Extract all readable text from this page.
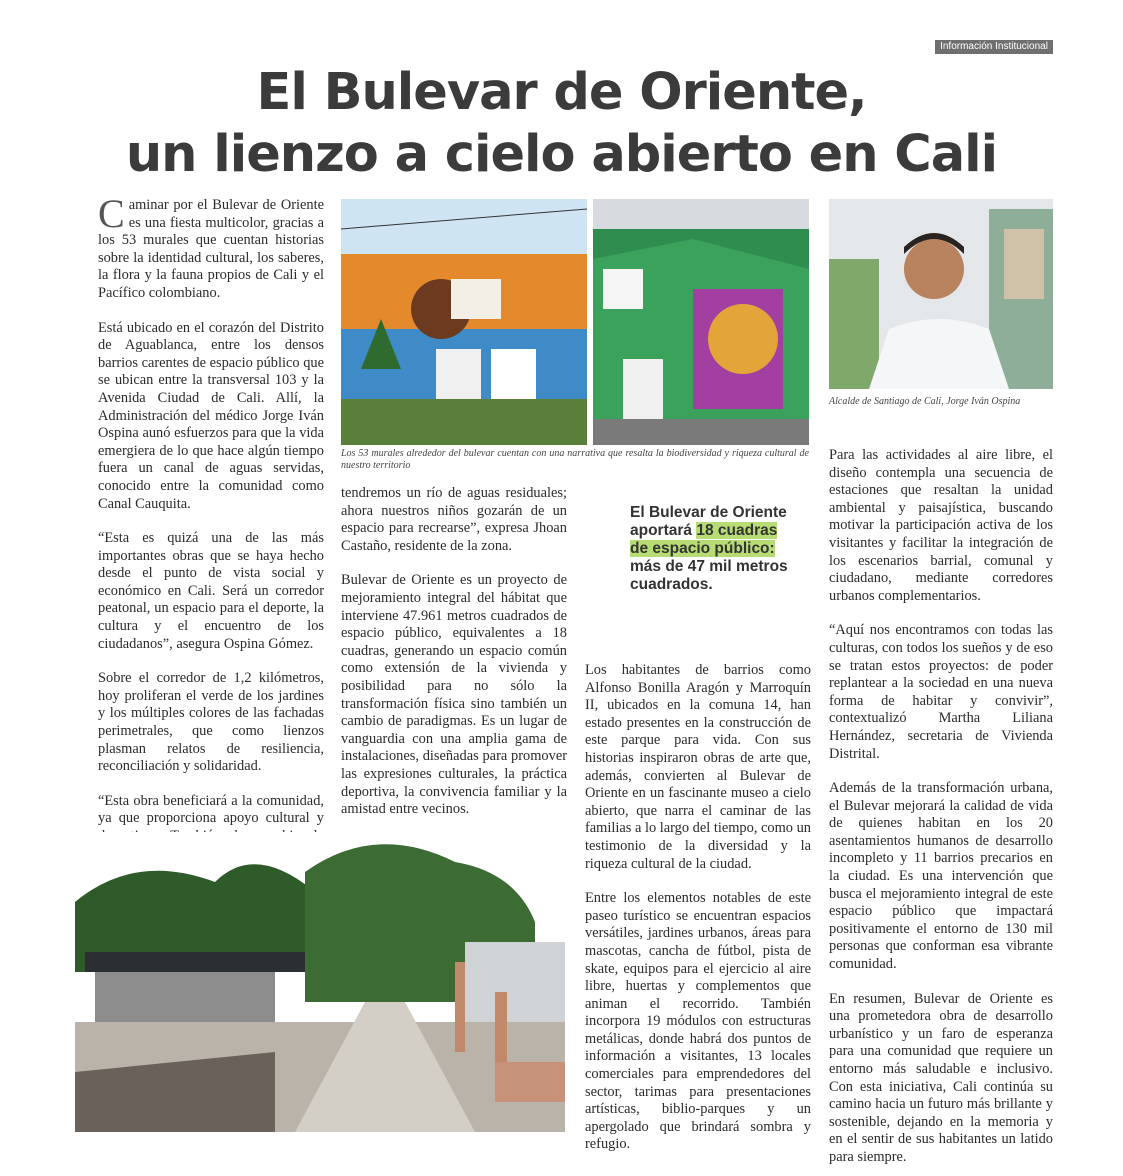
Información Institucional
El Bulevar de Oriente,
un lienzo a cielo abierto en Cali

Caminar por el Bulevar de Oriente es una fiesta multicolor, gracias a los 53 murales que cuentan historias sobre la identidad cultural, los saberes, la flora y la fauna propios de Cali y el Pacífico colombiano.

Está ubicado en el corazón del Distrito de Aguablanca, entre los densos barrios carentes de espacio público que se ubican entre la transversal 103 y la Avenida Ciudad de Cali. Allí, la Administración del médico Jorge Iván Ospina aunó esfuerzos para que la vida emergiera de lo que hace algún tiempo fuera un canal de aguas servidas, conocido entre la comunidad como Canal Cauquita.

“Esta es quizá una de las más importantes obras que se haya hecho desde el punto de vista social y económico en Cali. Será un corredor peatonal, un espacio para el deporte, la cultura y el encuentro de los ciudadanos”, asegura Ospina Gómez.

Sobre el corredor de 1,2 kilómetros, hoy proliferan el verde de los jardines y los múltiples colores de las fachadas perimetrales, que como lienzos plasman relatos de resiliencia, reconciliación y solidaridad.

“Esta obra beneficiará a la comunidad, ya que proporciona apoyo cultural y

Los 53 murales alrededor del bulevar cuentan con una narrativa que resalta la biodiversidad y riqueza cultural de nuestro territorio
Alcalde de Santiago de Cali, Jorge Iván Ospina

tendremos un río de aguas residuales; ahora nuestros niños gozarán de un espacio para recrearse”, expresa Jhoan Castaño, residente de la zona.

Bulevar de Oriente es un proyecto de mejoramiento integral del hábitat que interviene 47.961 metros cuadrados de espacio público, equivalentes a 18 cuadras, generando un espacio común como extensión de la vivienda y posibilidad para no sólo la transformación física sino también un cambio de paradigmas. Es un lugar de vanguardia con una amplia gama de instalaciones, diseñadas para promover las expresiones culturales, la práctica deportiva, la convivencia familiar y la amistad entre vecinos.

El Bulevar de Oriente aportará 18 cuadras de espacio público: más de 47 mil metros cuadrados.

Los habitantes de barrios como Alfonso Bonilla Aragón y Marroquín II, ubicados en la comuna 14, han estado presentes en la construcción de este parque para vida. Con sus historias inspiraron obras de arte que, además, convierten al Bulevar de Oriente en un fascinante museo a cielo abierto, que narra el caminar de las familias a lo largo del tiempo, como un testimonio de la diversidad y la riqueza cultural de la ciudad.

Entre los elementos notables de este paseo turístico se encuentran espacios versátiles, jardines urbanos, áreas para mascotas, cancha de fútbol, pista de skate, equipos para el ejercicio al aire libre, huertas y complementos que animan el recorrido. También incorpora 19 módulos con estructuras metálicas, donde habrá dos puntos de información a visitantes, 13 locales comerciales para emprendedores del sector, tarimas para presentaciones artísticas, biblio-parques y un apergolado que brindará sombra y refugio.

Para las actividades al aire libre, el diseño contempla una secuencia de estaciones que resaltan la unidad ambiental y paisajística, buscando motivar la participación activa de los visitantes y facilitar la integración de los escenarios barrial, comunal y ciudadano, mediante corredores urbanos complementarios.

“Aquí nos encontramos con todas las culturas, con todos los sueños y de eso se tratan estos proyectos: de poder replantear a la sociedad en una nueva forma de habitar y convivir”, contextualizó Martha Liliana Hernández, secretaria de Vivienda Distrital.

Además de la transformación urbana, el Bulevar mejorará la calidad de vida de quienes habitan en los 20 asentamientos humanos de desarrollo incompleto y 11 barrios precarios en la ciudad. Es una intervención que busca el mejoramiento integral de este espacio público que impactará positivamente el entorno de 130 mil personas que conforman esa vibrante comunidad.

En resumen, Bulevar de Oriente es una prometedora obra de desarrollo urbanístico y un faro de esperanza para una comunidad que requiere un entorno más saludable e inclusivo. Con esta iniciativa, Cali continúa su camino hacia un futuro más brillante y sostenible, dejando en la memoria y en el sentir de sus habitantes un latido para siempre.
